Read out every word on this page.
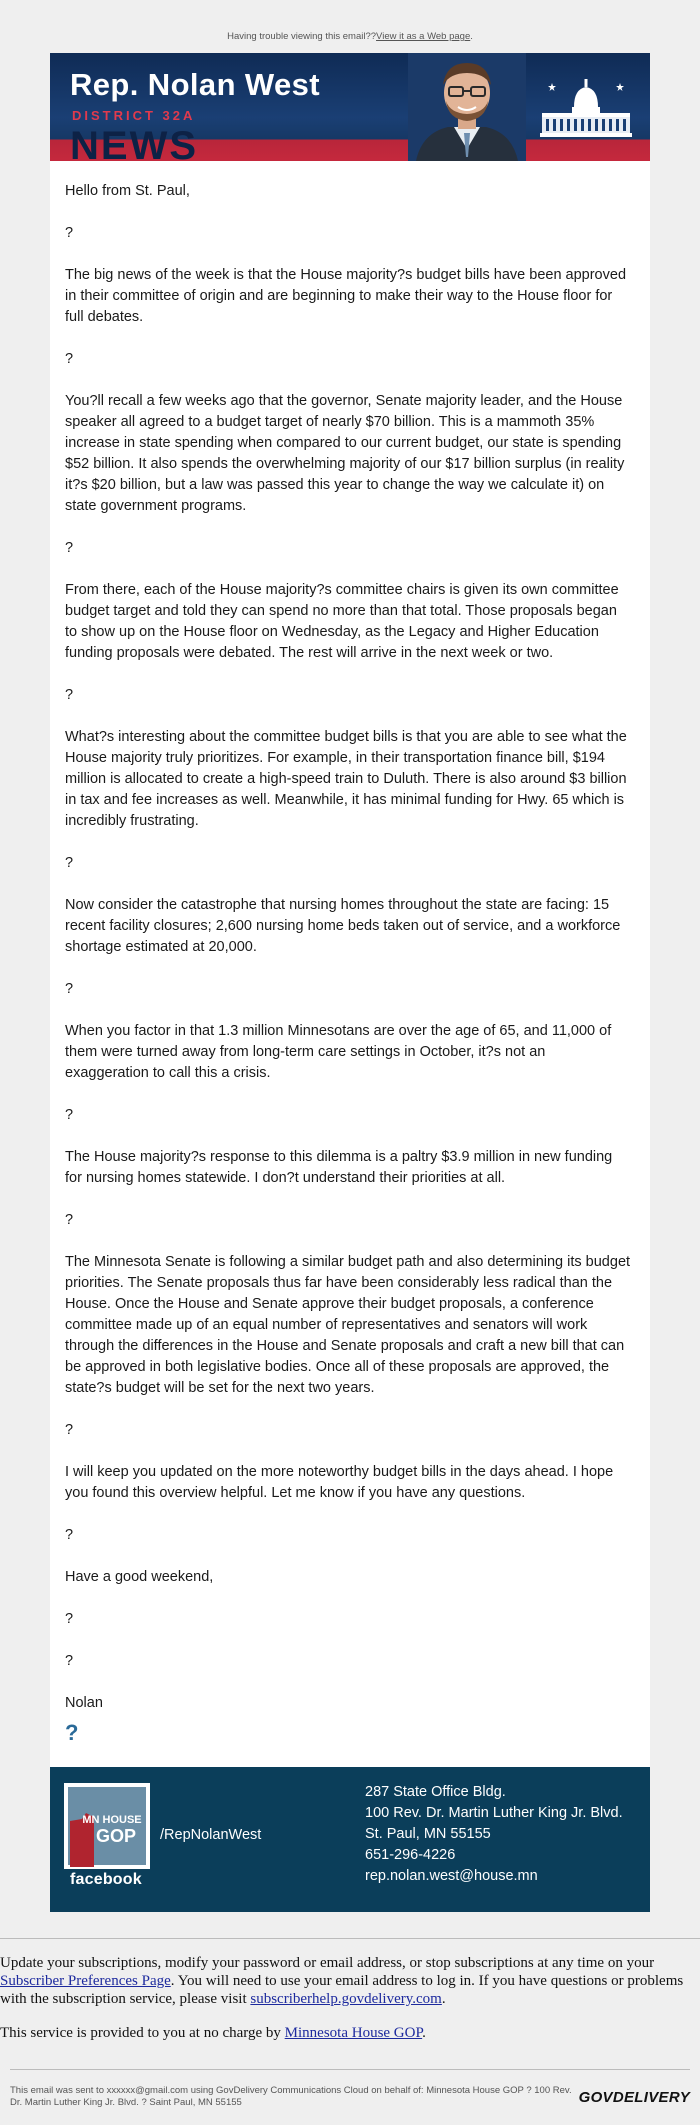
Having trouble viewing this email??View it as a Web page.
Rep. Nolan West
DISTRICT 32A
NEWS

Hello from St. Paul,

?

The big news of the week is that the House majority?s budget bills have been approved in their committee of origin and are beginning to make their way to the House floor for full debates.

?

You?ll recall a few weeks ago that the governor, Senate majority leader, and the House speaker all agreed to a budget target of nearly $70 billion. This is a mammoth 35% increase in state spending when compared to our current budget, our state is spending $52 billion. It also spends the overwhelming majority of our $17 billion surplus (in reality it?s $20 billion, but a law was passed this year to change the way we calculate it) on state government programs.

?

From there, each of the House majority?s committee chairs is given its own committee budget target and told they can spend no more than that total. Those proposals began to show up on the House floor on Wednesday, as the Legacy and Higher Education funding proposals were debated. The rest will arrive in the next week or two.

?

What?s interesting about the committee budget bills is that you are able to see what the House majority truly prioritizes. For example, in their transportation finance bill, $194 million is allocated to create a high-speed train to Duluth. There is also around $3 billion in tax and fee increases as well. Meanwhile, it has minimal funding for Hwy. 65 which is incredibly frustrating.

?

Now consider the catastrophe that nursing homes throughout the state are facing: 15 recent facility closures; 2,600 nursing home beds taken out of service, and a workforce shortage estimated at 20,000.

?

When you factor in that 1.3 million Minnesotans are over the age of 65, and 11,000 of them were turned away from long-term care settings in October, it?s not an exaggeration to call this a crisis.

?

The House majority?s response to this dilemma is a paltry $3.9 million in new funding for nursing homes statewide. I don?t understand their priorities at all.

?

The Minnesota Senate is following a similar budget path and also determining its budget priorities. The Senate proposals thus far have been considerably less radical than the House. Once the House and Senate approve their budget proposals, a conference committee made up of an equal number of representatives and senators will work through the differences in the House and Senate proposals and craft a new bill that can be approved in both legislative bodies. Once all of these proposals are approved, the state?s budget will be set for the next two years.

?

I will keep you updated on the more noteworthy budget bills in the days ahead. I hope you found this overview helpful. Let me know if you have any questions.

?

Have a good weekend,

?

?

Nolan

?
MN HOUSE
GOP
facebook
/RepNolanWest
287 State Office Bldg.
100 Rev. Dr. Martin Luther King Jr. Blvd.
St. Paul, MN 55155
651-296-4226
rep.nolan.west@house.mn

Update your subscriptions, modify your password or email address, or stop subscriptions at any time on your Subscriber Preferences Page. You will need to use your email address to log in. If you have questions or problems with the subscription service, please visit subscriberhelp.govdelivery.com.

This service is provided to you at no charge by Minnesota House GOP.

This email was sent to xxxxxx@gmail.com using GovDelivery Communications Cloud on behalf of: Minnesota House GOP ? 100 Rev. Dr. Martin Luther King Jr. Blvd. ? Saint Paul, MN 55155	GOVDELIVERY
